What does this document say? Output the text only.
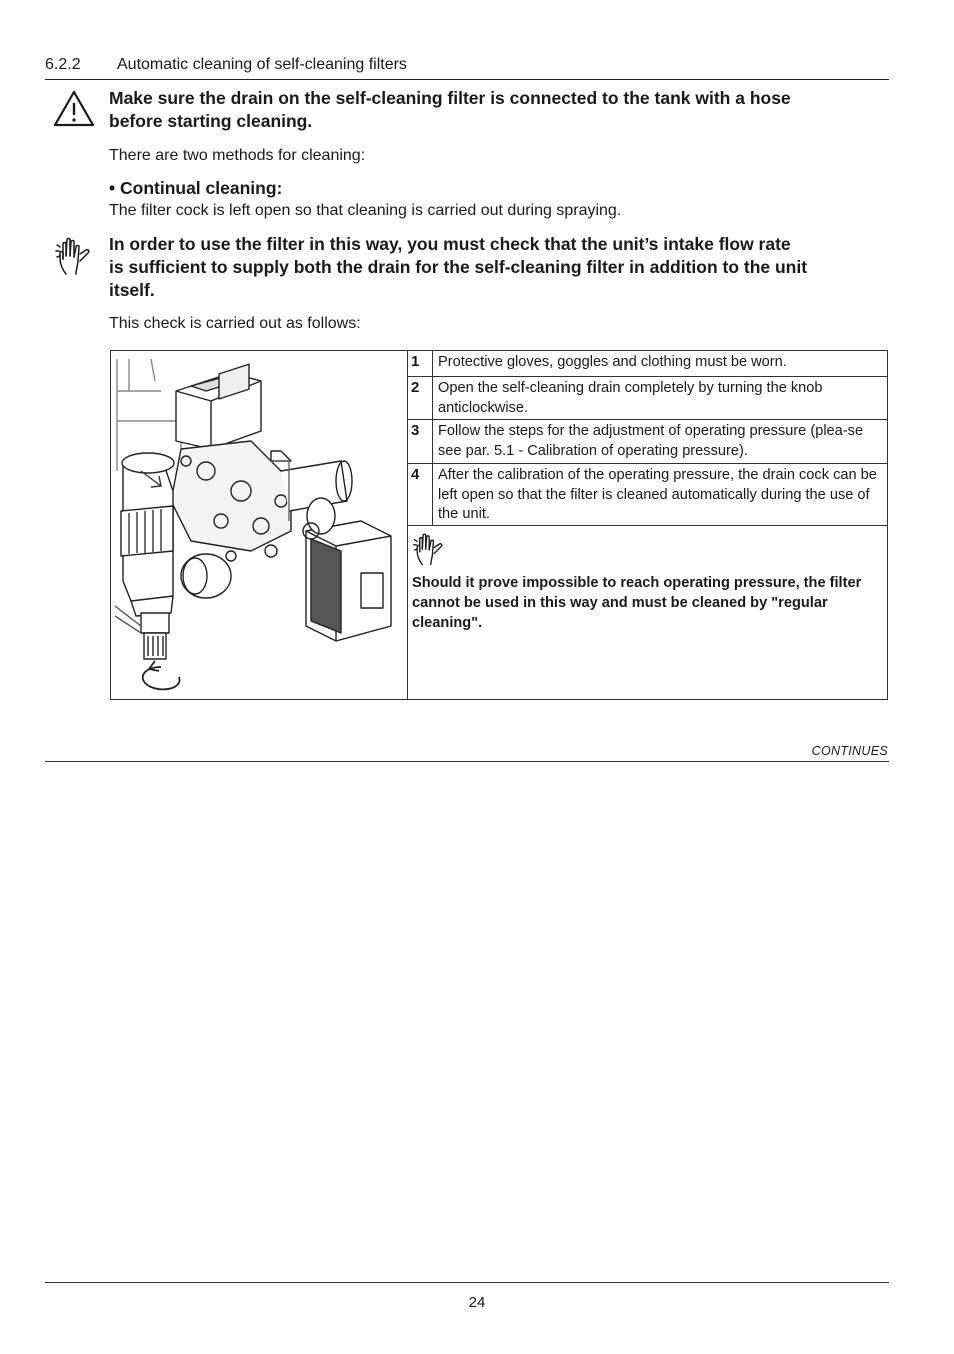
6.2.2 Automatic cleaning of self-cleaning filters
Make sure the drain on the self-cleaning filter is connected to the tank with a hose
before starting cleaning.
There are two methods for cleaning:
• Continual cleaning:
The filter cock is left open so that cleaning is carried out during spraying.
In order to use the filter in this way, you must check that the unit’s intake flow rate
is sufficient to supply both the drain for the self-cleaning filter in addition to the unit
itself.
This check is carried out as follows:
1	Protective gloves, goggles and clothing must be worn.
2	Open the self-cleaning drain completely by turning the knob anticlockwise.
3	Follow the steps for the adjustment of operating pressure (plea-se see par. 5.1 - Calibration of operating pressure).
4	After the calibration of the operating pressure, the drain cock can be left open so that the filter is cleaned automatically during the use of the unit.
Should it prove impossible to reach operating pressure, the filter cannot be used in this way and must be cleaned by "regular cleaning".
CONTINUES
24
